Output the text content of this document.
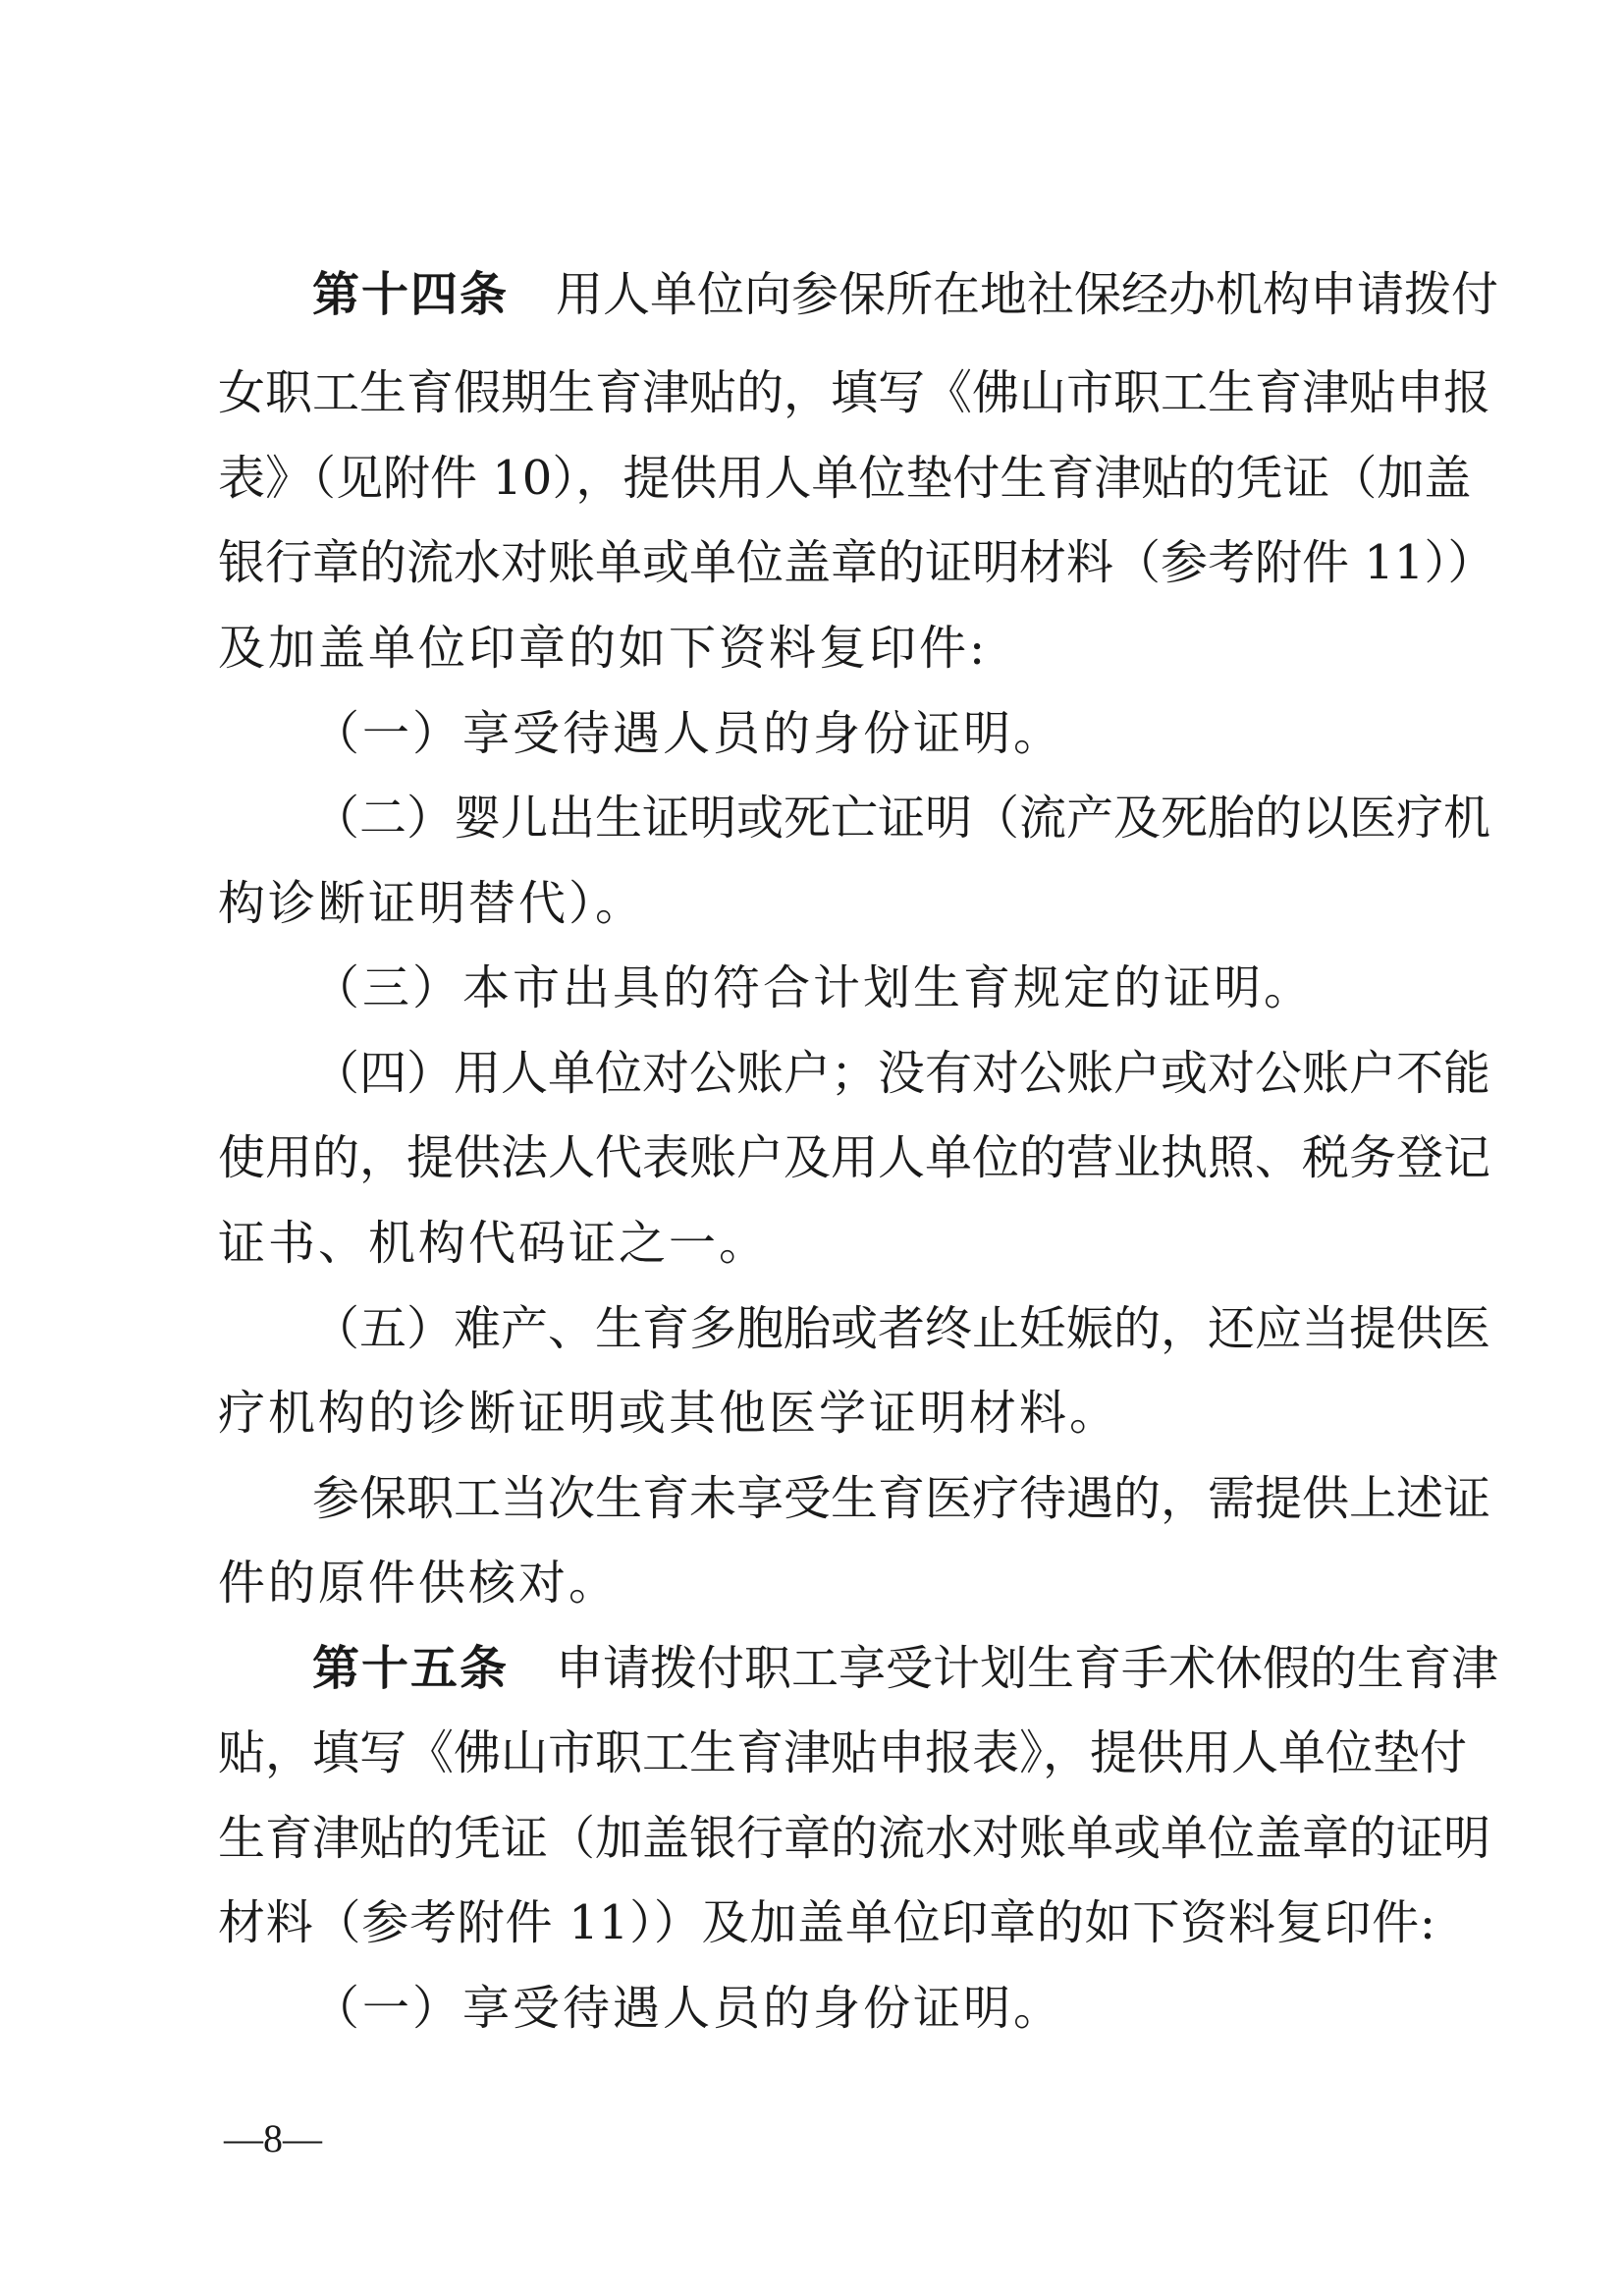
第十四条　 用人单位向参保所在地社保经办机构申请拨付
女职工生育假期生育津贴的，填写《佛山市职工生育津贴申报
表》（见附件 10），提供用人单位垫付生育津贴的凭证（加盖
银行章的流水对账单或单位盖章的证明材料（参考附件 11））
及加盖单位印章的如下资料复印件:
（一）享受待遇人员的身份证明。
（二）婴儿出生证明或死亡证明（流产及死胎的以医疗机
构诊断证明替代）。
（三）本市出具的符合计划生育规定的证明。
（四）用人单位对公账户；没有对公账户或对公账户不能
使用的，提供法人代表账户及用人单位的营业执照、税务登记
证书、机构代码证之一。
（五）难产、生育多胞胎或者终止妊娠的，还应当提供医
疗机构的诊断证明或其他医学证明材料。
参保职工当次生育未享受生育医疗待遇的，需提供上述证
件的原件供核对。
第十五条  申请拨付职工享受计划生育手术休假的生育津
贴，填写《佛山市职工生育津贴申报表》，提供用人单位垫付
生育津贴的凭证（加盖银行章的流水对账单或单位盖章的证明
材料（参考附件 11））及加盖单位印章的如下资料复印件:
（一）享受待遇人员的身份证明。
—8—
